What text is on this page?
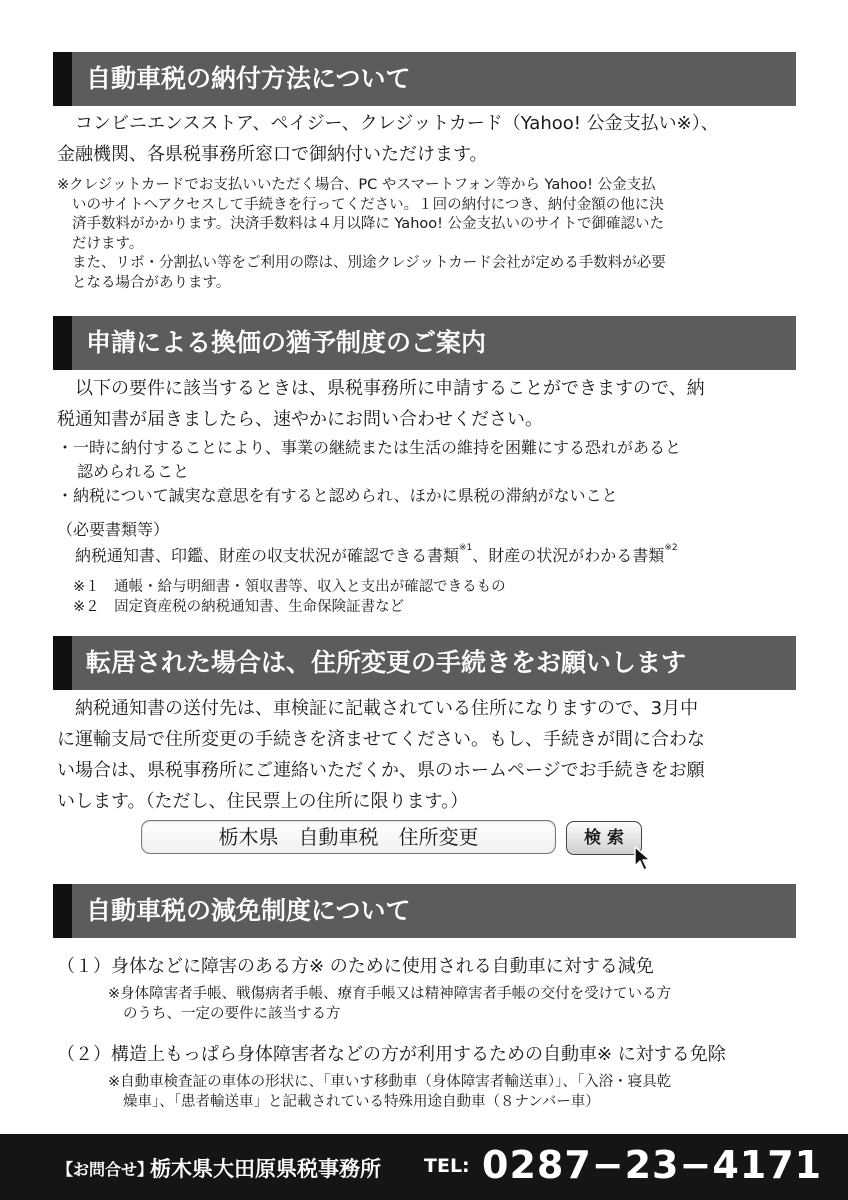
自動車税の納付方法について
　コンビニエンスストア、ペイジー、クレジットカード（Yahoo! 公金支払い※）、
金融機関、各県税事務所窓口で御納付いただけます。
※クレジットカードでお支払いいただく場合、PC やスマートフォン等から Yahoo! 公金支払
いのサイトへアクセスして手続きを行ってください。１回の納付につき、納付金額の他に決
済手数料がかかります。決済手数料は４月以降に Yahoo! 公金支払いのサイトで御確認いた
だけます。
また、リボ・分割払い等をご利用の際は、別途クレジットカード会社が定める手数料が必要
となる場合があります。
申請による換価の猶予制度のご案内
　以下の要件に該当するときは、県税事務所に申請することができますので、納
税通知書が届きましたら、速やかにお問い合わせください。
・一時に納付することにより、事業の継続または生活の維持を困難にする恐れがあると
認められること
・納税について誠実な意思を有すると認められ、ほかに県税の滞納がないこと
（必要書類等）
納税通知書、印鑑、財産の収支状況が確認できる書類$^{※1}$、財産の状況がわかる書類$^{※2}$
※１　通帳・給与明細書・領収書等、収入と支出が確認できるもの
※２　固定資産税の納税通知書、生命保険証書など
転居された場合は、住所変更の手続きをお願いします
　納税通知書の送付先は、車検証に記載されている住所になりますので、3月中
に運輸支局で住所変更の手続きを済ませてください。もし、手続きが間に合わな
い場合は、県税事務所にご連絡いただくか、県のホームページでお手続きをお願
いします。（ただし、住民票上の住所に限ります。）
栃木県　自動車税　住所変更	検 索
自動車税の減免制度について
（１）身体などに障害のある方※ のために使用される自動車に対する減免
※身体障害者手帳、戦傷病者手帳、療育手帳又は精神障害者手帳の交付を受けている方
のうち、一定の要件に該当する方
（２）構造上もっぱら身体障害者などの方が利用するための自動車※ に対する免除
※自動車検査証の車体の形状に、「車いす移動車（身体障害者輸送車）」、「入浴・寝具乾
燥車」、「患者輸送車」と記載されている特殊用途自動車（８ナンバー車）
【お問合せ】
栃木県大田原県税事務所 TEL: 0287−23−4171
